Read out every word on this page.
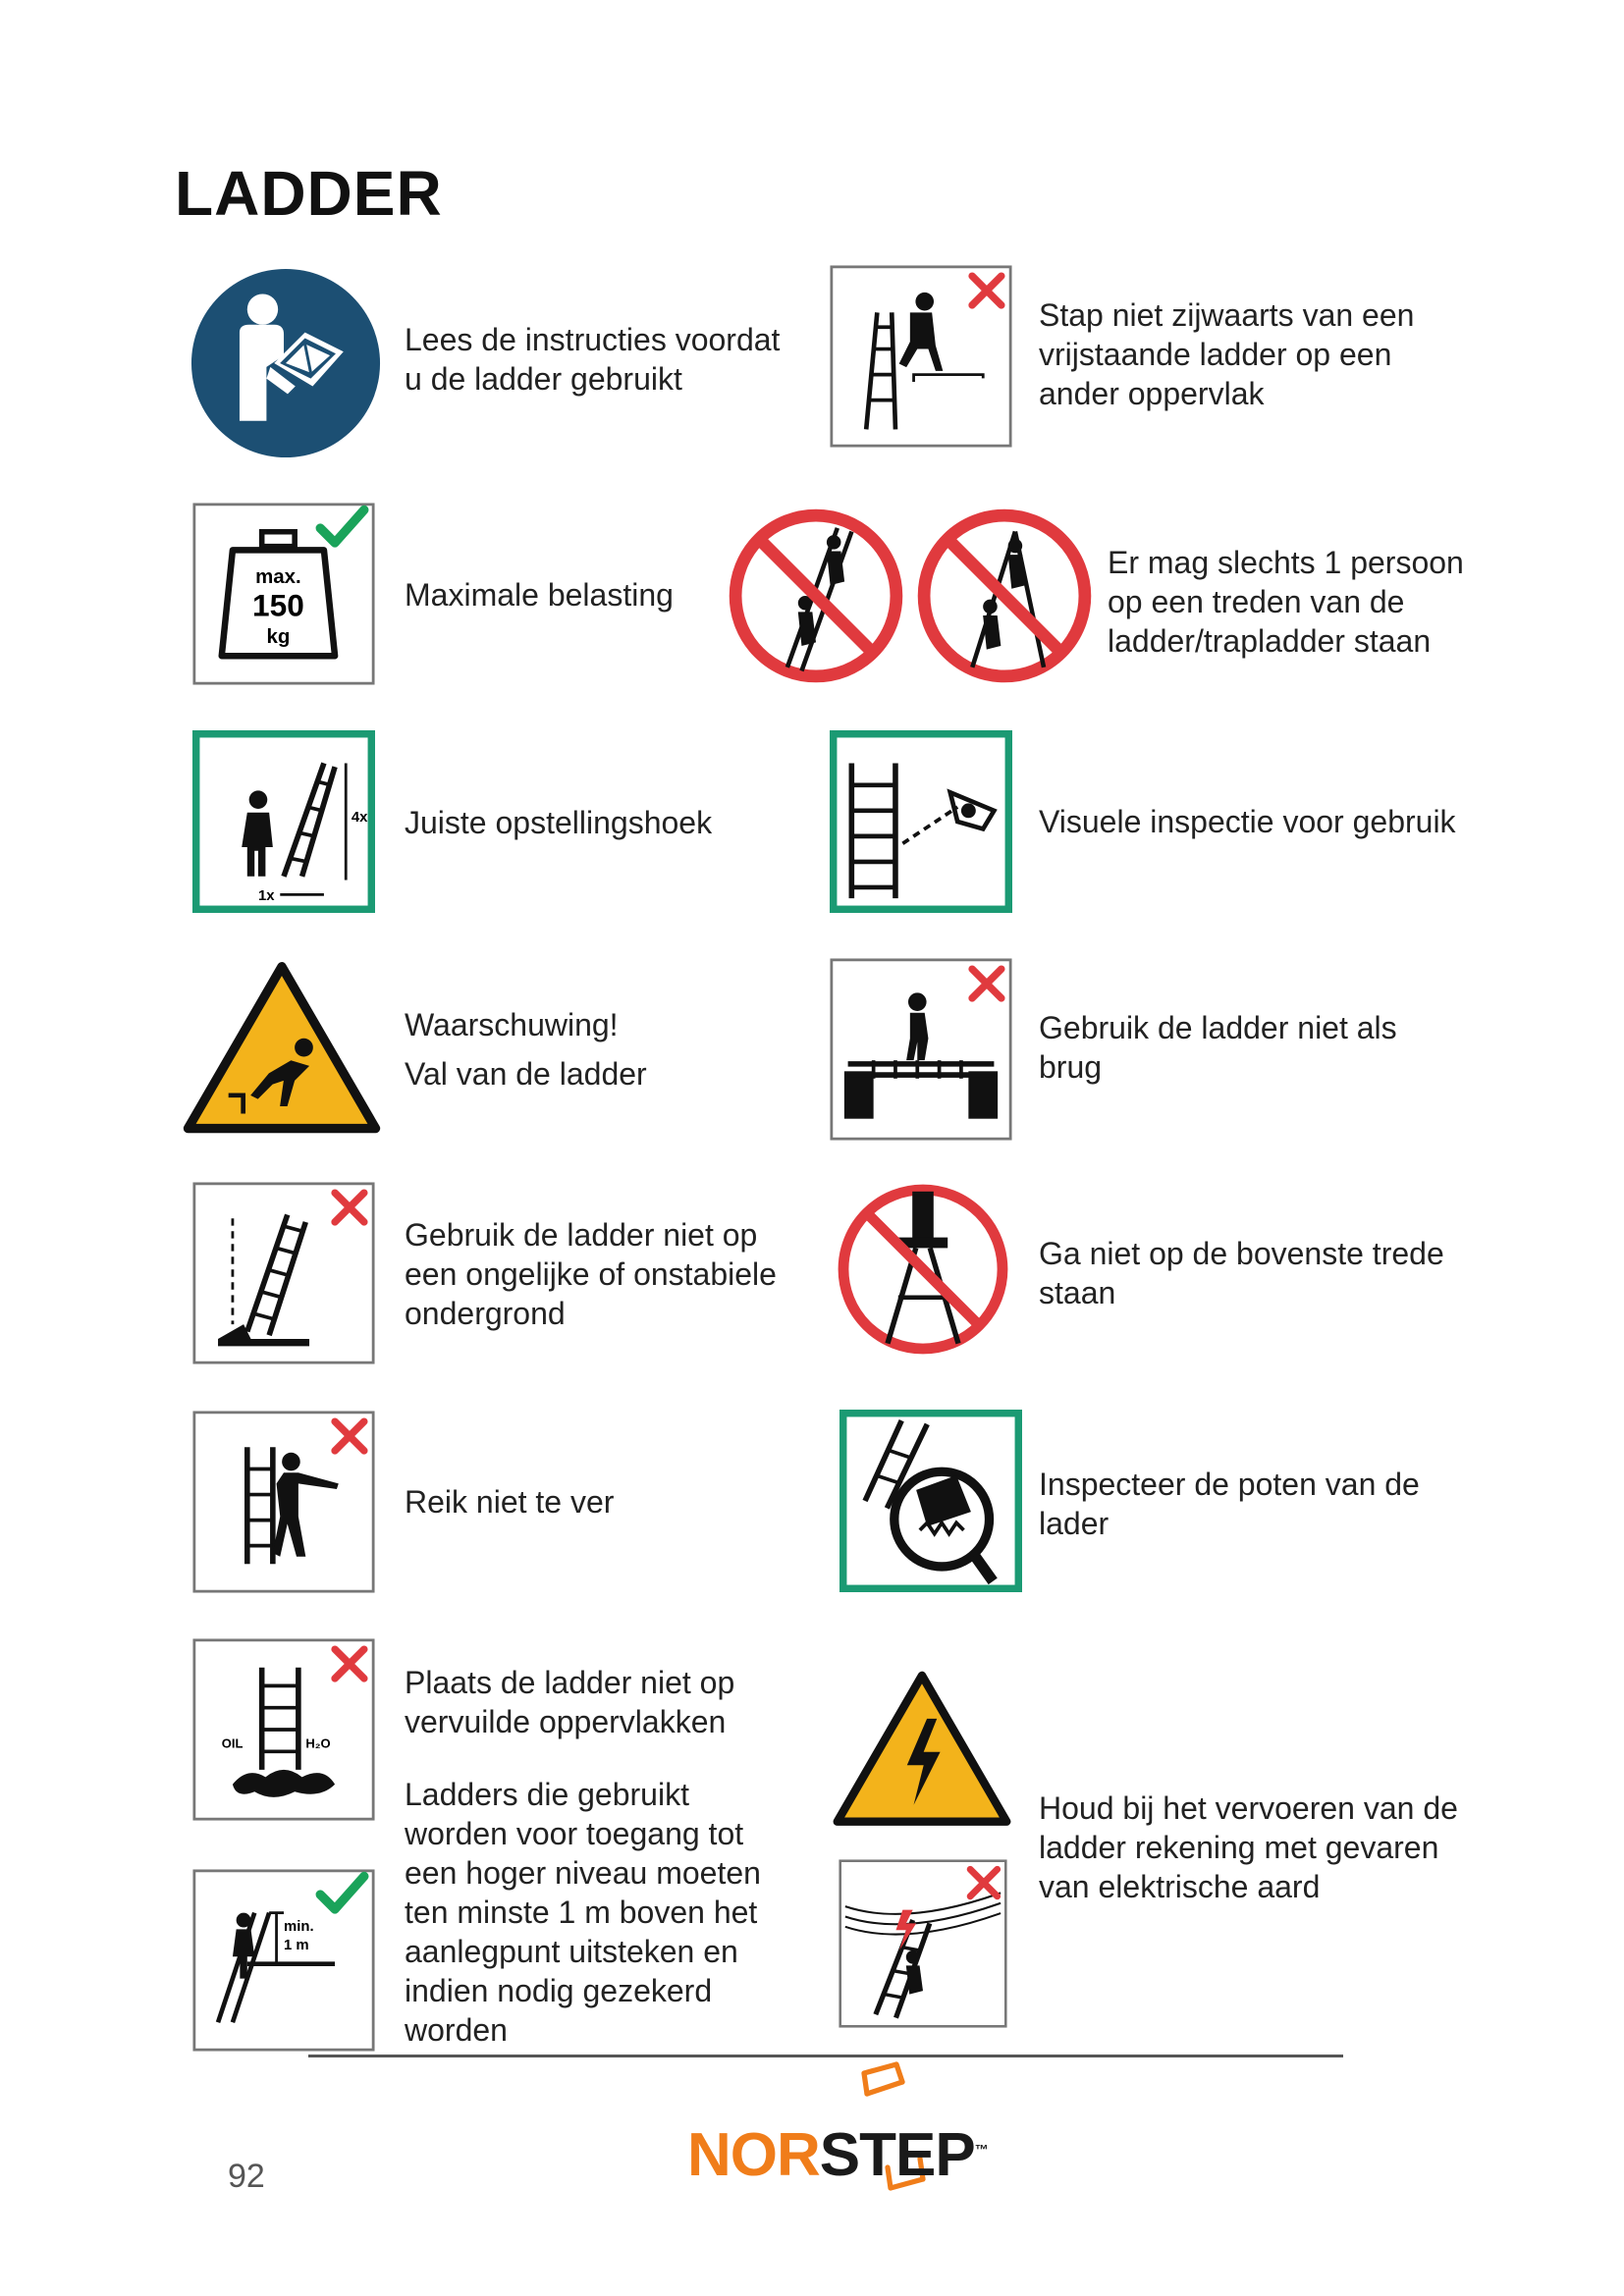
LADDER

Lees de instructies voordat

u de ladder gebruikt

max.
150
kg

Maximale belasting

4x
1x

Juiste opstellingshoek

Waarschuwing!

Val van de ladder

Gebruik de ladder niet op

een ongelijke of onstabiele

ondergrond

Reik niet te ver

OIL	H₂O

Plaats de ladder niet op

vervuilde oppervlakken

min.
1 m

Ladders die gebruikt

worden voor toegang tot

een hoger niveau moeten

ten minste 1 m boven het

aanlegpunt uitsteken en

indien nodig gezekerd

worden

Stap niet zijwaarts van een

vrijstaande ladder op een

ander oppervlak

Er mag slechts 1 persoon

op een treden van de

ladder/trapladder staan

Visuele inspectie voor gebruik

Gebruik de ladder niet als

brug

Ga niet op de bovenste trede

staan

Inspecteer de poten van de

lader

Houd bij het vervoeren van de

ladder rekening met gevaren

van elektrische aard

NORSTEP™
92
